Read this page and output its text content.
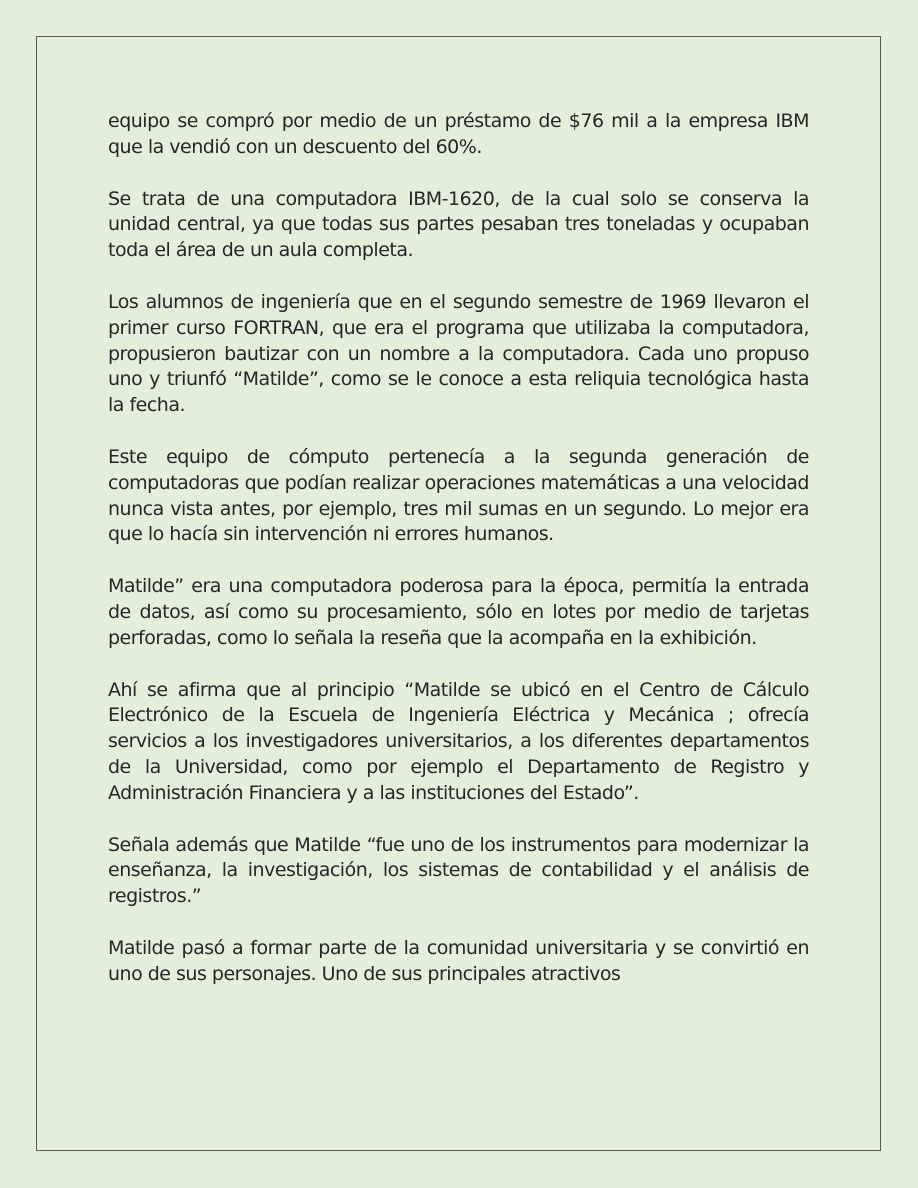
equipo se compró por medio de un préstamo de $76 mil a la empresa IBM que la vendió con un descuento del 60%.

Se trata de una computadora IBM-1620, de la cual solo se conserva la unidad central, ya que todas sus partes pesaban tres toneladas y ocupaban toda el área de un aula completa.

Los alumnos de ingeniería que en el segundo semestre de 1969 llevaron el primer curso FORTRAN, que era el programa que utilizaba la computadora, propusieron bautizar con un nombre a la computadora. Cada uno propuso uno y triunfó “Matilde”, como se le conoce a esta reliquia tecnológica hasta la fecha.

Este equipo de cómputo pertenecía a la segunda generación de computadoras que podían realizar operaciones matemáticas a una velocidad nunca vista antes, por ejemplo, tres mil sumas en un segundo. Lo mejor era que lo hacía sin intervención ni errores humanos.

Matilde” era una computadora poderosa para la época, permitía la entrada de datos, así como su procesamiento, sólo en lotes por medio de tarjetas perforadas, como lo señala la reseña que la acompaña en la exhibición.

Ahí se afirma que al principio “Matilde se ubicó en el Centro de Cálculo Electrónico de la Escuela de Ingeniería Eléctrica y Mecánica ; ofrecía servicios a los investigadores universitarios, a los diferentes departamentos de la Universidad, como por ejemplo el Departamento de Registro y Administración Financiera y a las instituciones del Estado”.

Señala además que Matilde “fue uno de los instrumentos para modernizar la enseñanza, la investigación, los sistemas de contabilidad y el análisis de registros.”

Matilde pasó a formar parte de la comunidad universitaria y se convirtió en uno de sus personajes. Uno de sus principales atractivos
